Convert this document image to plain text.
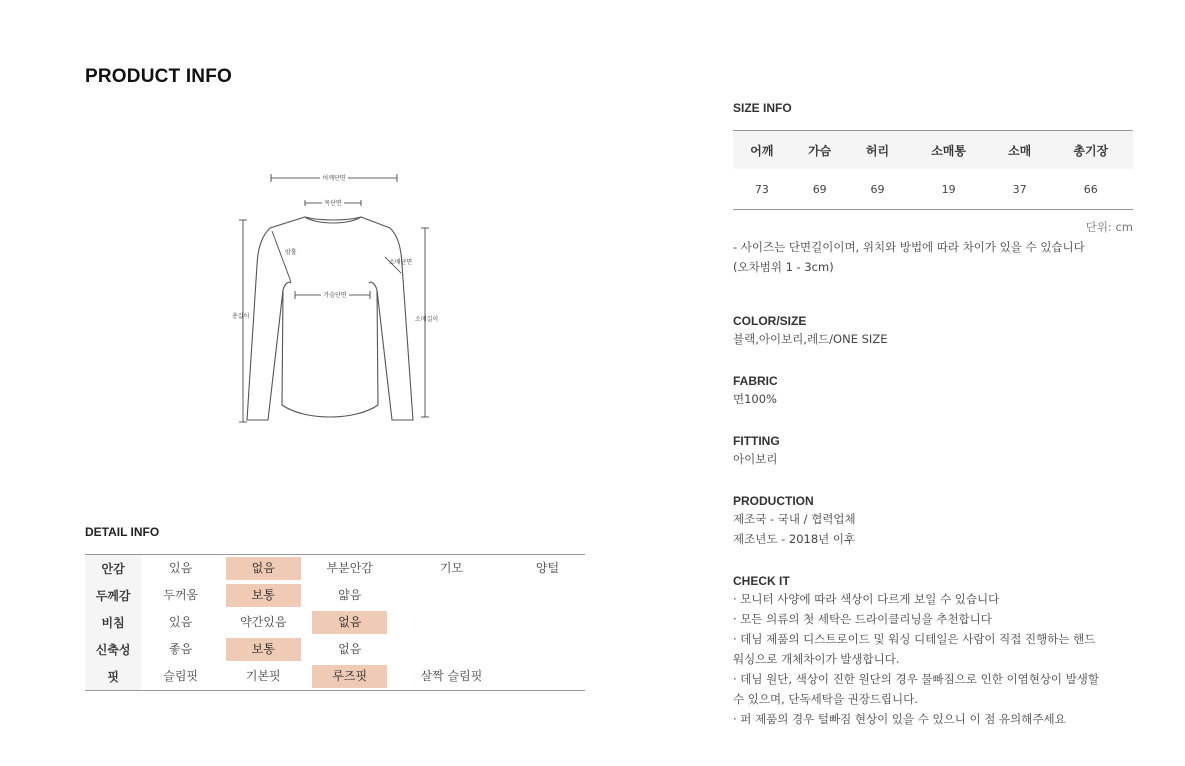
PRODUCT INFO
어깨단면
목단면
가슴단면
암홀
소매단면
총길이	소매길이
DETAIL INFO
안감	있음	없음	부분안감	기모	양털
두께감	두꺼움	보통	얇음		
비침	있음	약간있음	없음		
신축성	좋음	보통	없음		
핏	슬림핏	기본핏	루즈핏	살짝 슬림핏	
SIZE INFO
어깨	가슴	허리	소매통	소매	총기장
73	69	69	19	37	66
단위: cm

- 사이즈는 단면길이이며, 위치와 방법에 따라 차이가 있을 수 있습니다

(오차범위 1 - 3cm)

COLOR/SIZE

블랙,아이보리,레드/ONE SIZE

FABRIC

면100%

FITTING

아이보리

PRODUCTION

제조국 - 국내 / 협력업체

제조년도 - 2018년 이후

CHECK IT

· 모니터 사양에 따라 색상이 다르게 보일 수 있습니다

· 모든 의류의 첫 세탁은 드라이클리닝을 추천합니다

· 데님 제품의 디스트로이드 및 워싱 디테일은 사람이 직접 진행하는 핸드

워싱으로 개체차이가 발생합니다.

· 데님 원단, 색상이 진한 원단의 경우 물빠짐으로 인한 이염현상이 발생할

수 있으며, 단독세탁을 권장드립니다.

· 퍼 제품의 경우 털빠짐 현상이 있을 수 있으니 이 점 유의해주세요
